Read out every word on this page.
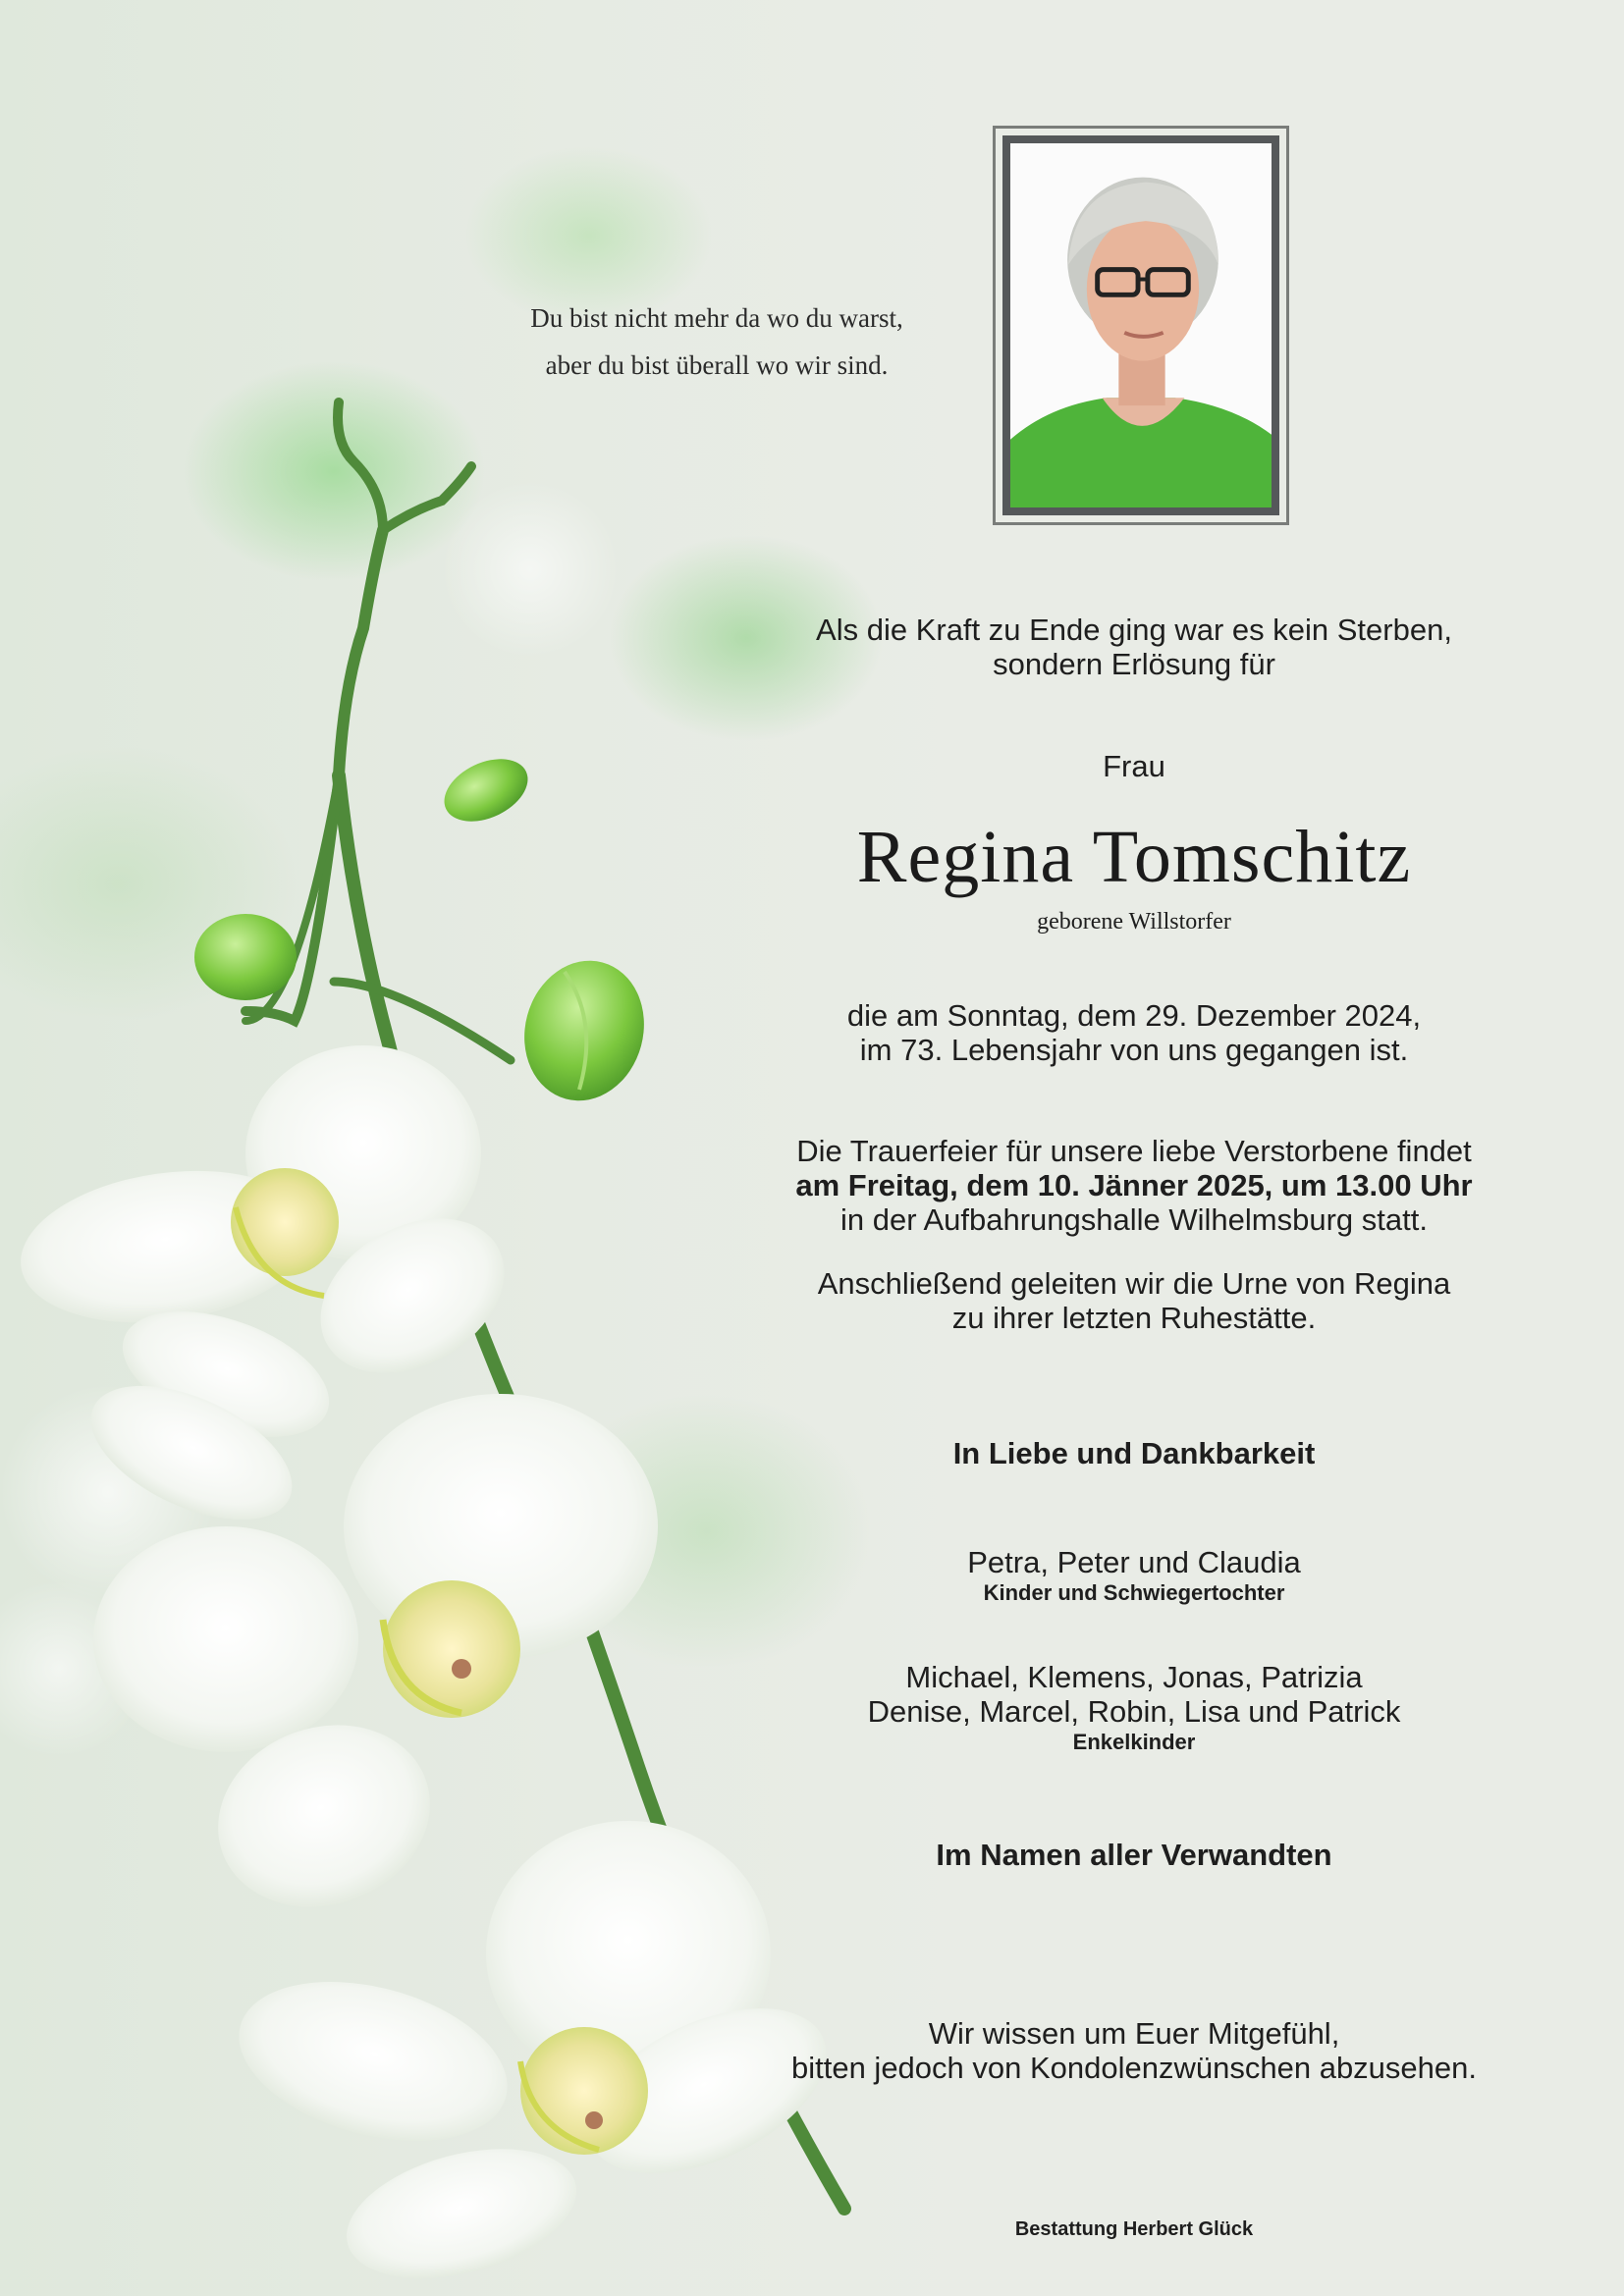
Du bist nicht mehr da wo du warst,
aber du bist überall wo wir sind.
Als die Kraft zu Ende ging war es kein Sterben,
sondern Erlösung für
Frau
Regina Tomschitz
geborene Willstorfer
die am Sonntag, dem 29. Dezember 2024,
im 73. Lebensjahr von uns gegangen ist.
Die Trauerfeier für unsere liebe Verstorbene findet
am Freitag, dem 10. Jänner 2025, um 13.00 Uhr
in der Aufbahrungshalle Wilhelmsburg statt.
Anschließend geleiten wir die Urne von Regina
zu ihrer letzten Ruhestätte.
In Liebe und Dankbarkeit
Petra, Peter und Claudia
Kinder und Schwiegertochter
Michael, Klemens, Jonas, Patrizia
Denise, Marcel, Robin, Lisa und Patrick
Enkelkinder
Im Namen aller Verwandten
Wir wissen um Euer Mitgefühl,
bitten jedoch von Kondolenzwünschen abzusehen.
Bestattung Herbert Glück
